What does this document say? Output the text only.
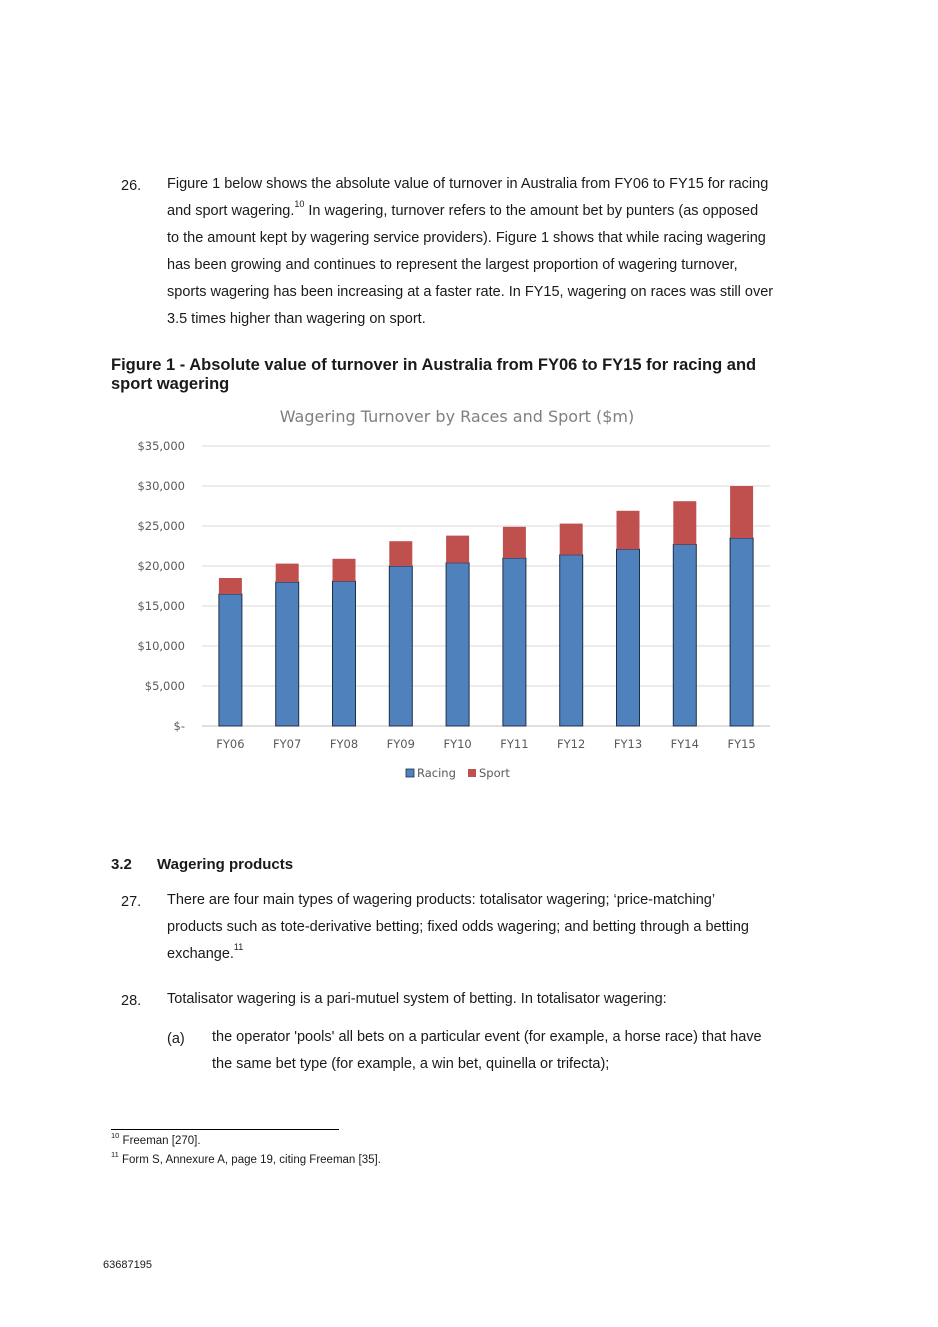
26. Figure 1 below shows the absolute value of turnover in Australia from FY06 to FY15 for racing
and sport wagering.$^{10}$ In wagering, turnover refers to the amount bet by punters (as opposed
to the amount kept by wagering service providers). Figure 1 shows that while racing wagering
has been growing and continues to represent the largest proportion of wagering turnover,
sports wagering has been increasing at a faster rate. In FY15, wagering on races was still over
3.5 times higher than wagering on sport.
Figure 1 - Absolute value of turnover in Australia from FY06 to FY15 for racing and
sport wagering
Wagering Turnover by Races and Sport ($m)
$-
$5,000
$10,000
$15,000
$20,000
$25,000
$30,000
$35,000
FY06 FY07 FY08 FY09 FY10 FY11 FY12 FY13 FY14 FY15
Racing Sport
3.2 Wagering products
27. There are four main types of wagering products: totalisator wagering; ‘price-matching’
products such as tote-derivative betting; fixed odds wagering; and betting through a betting
exchange.$^{11}$
28. Totalisator wagering is a pari-mutuel system of betting. In totalisator wagering:
(a) the operator 'pools' all bets on a particular event (for example, a horse race) that have
the same bet type (for example, a win bet, quinella or trifecta);
$^{10}$ Freeman [270].
$^{11}$ Form S, Annexure A, page 19, citing Freeman [35].
63687195
